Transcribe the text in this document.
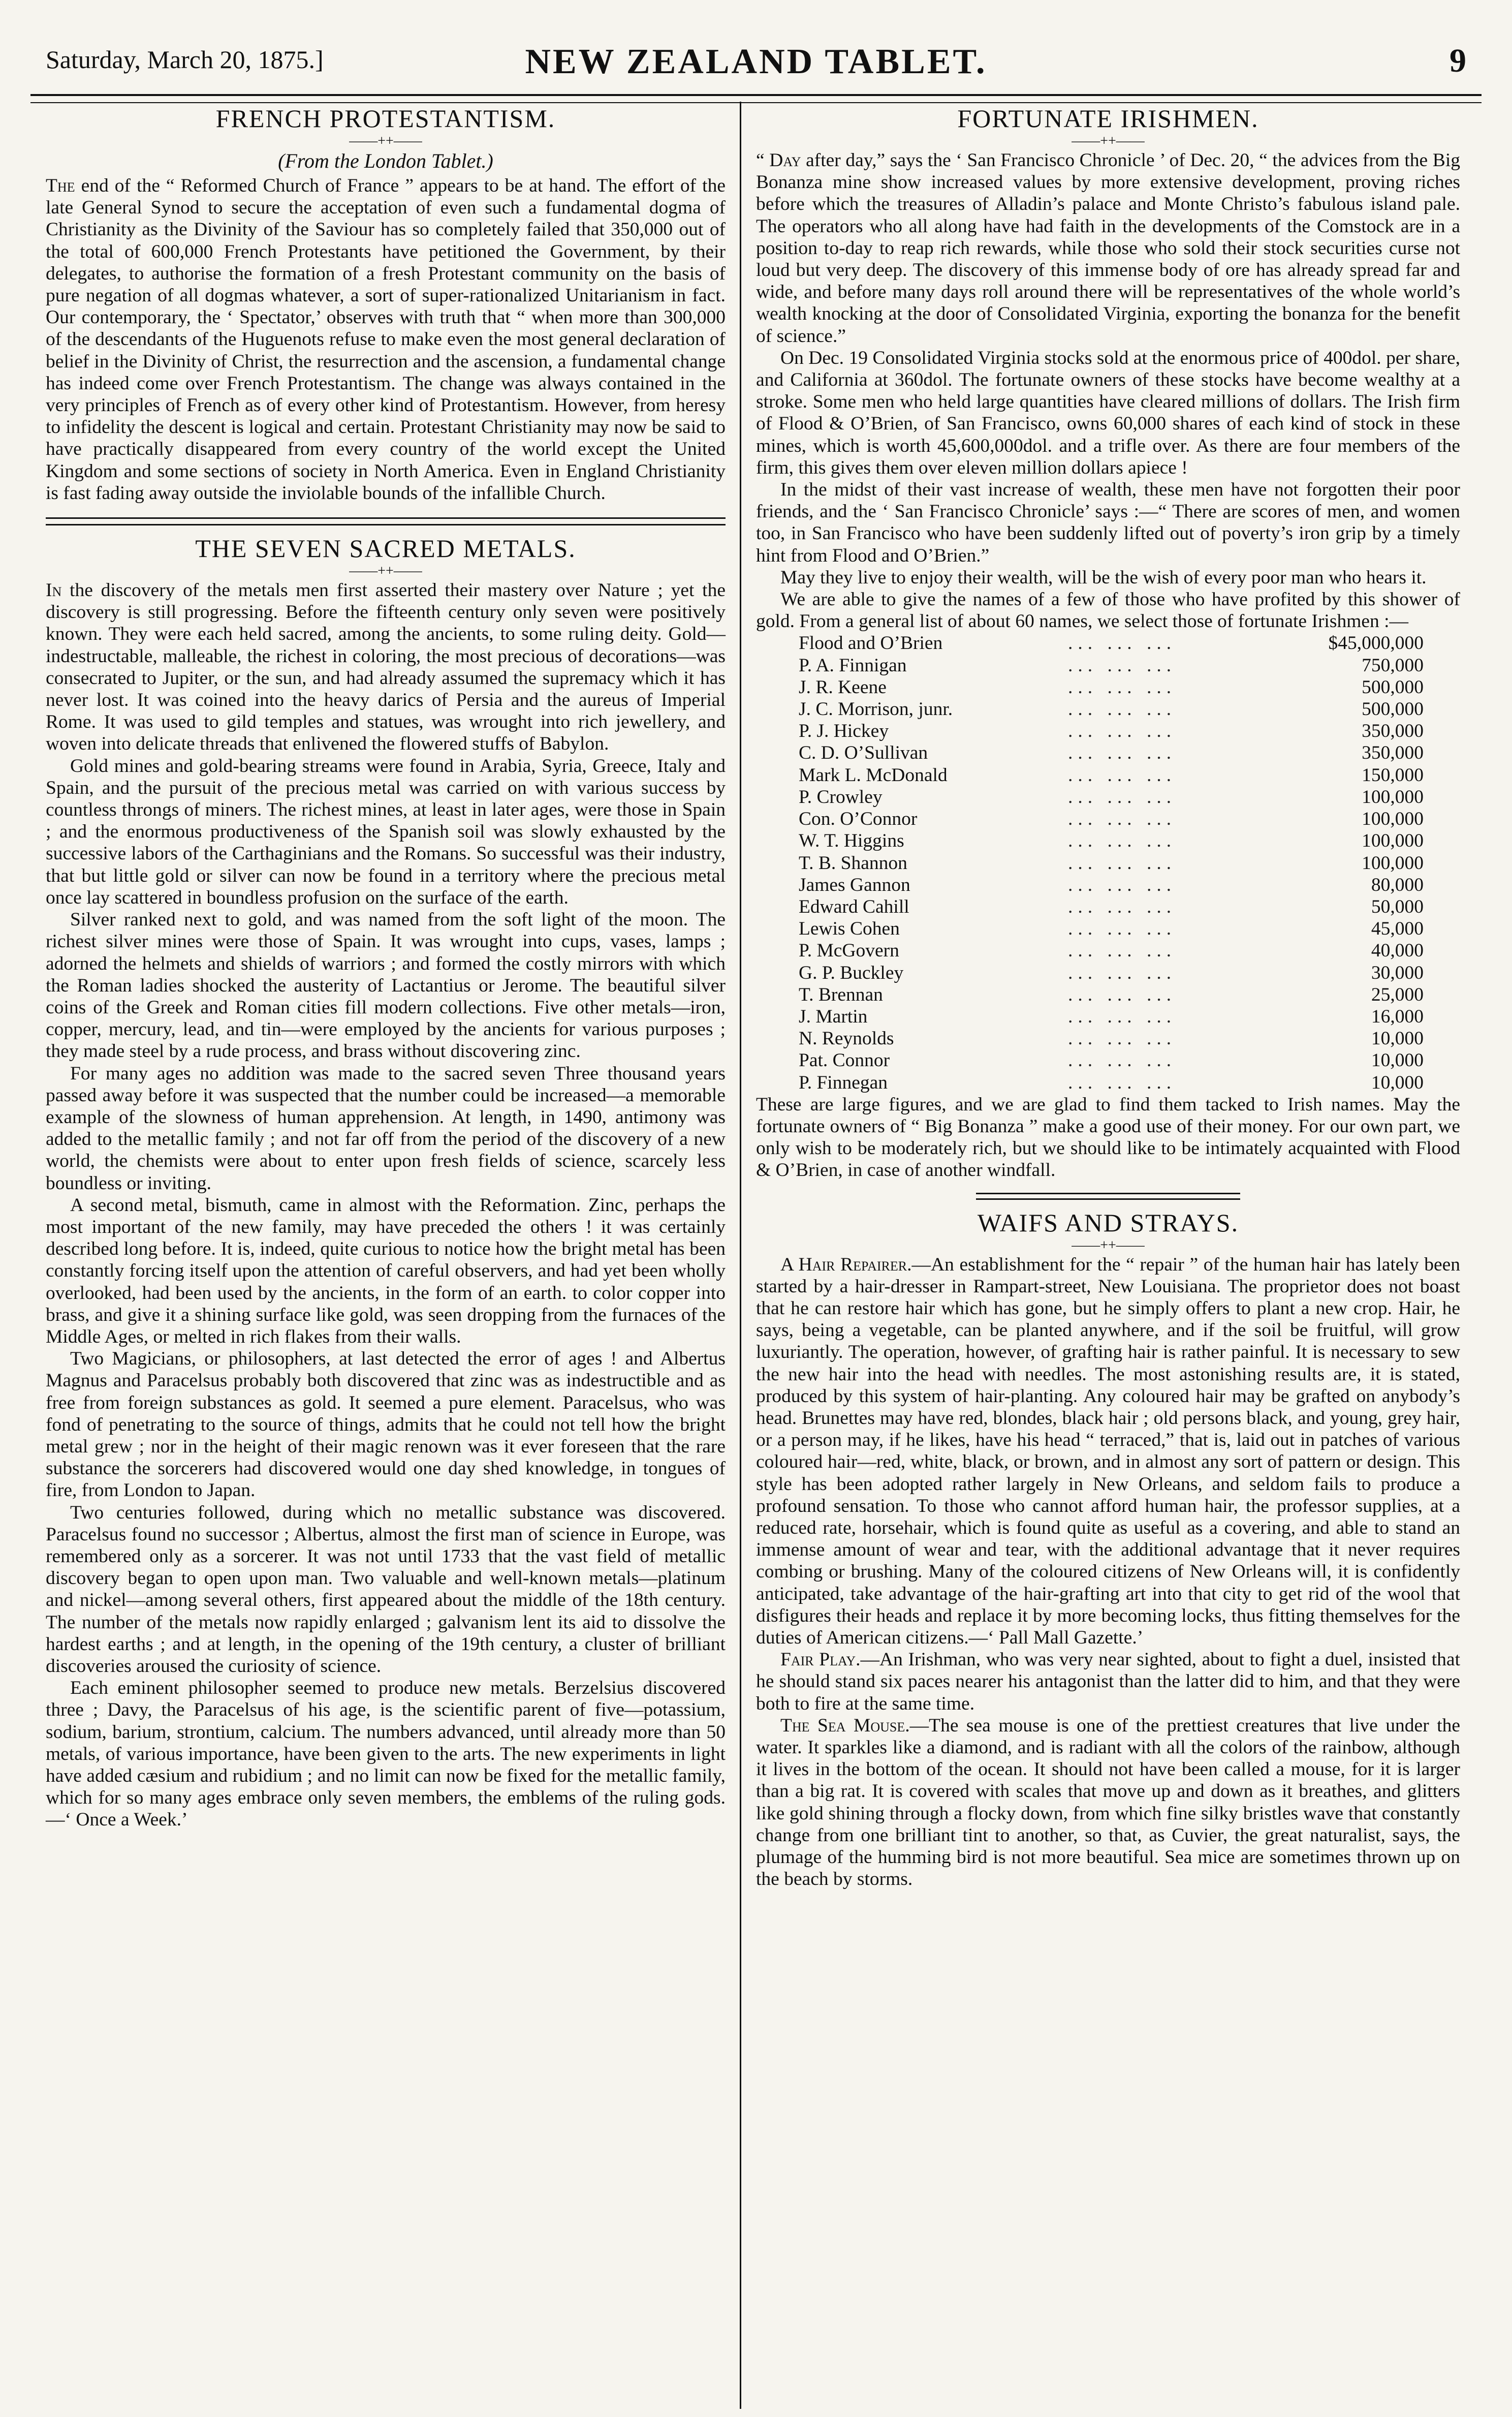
Saturday, March 20, 1875.]	NEW ZEALAND TABLET.	9
FRENCH PROTESTANTISM.
——++——
(From the London Tablet.)

The end of the “ Reformed Church of France ” appears to be at hand. The effort of the late General Synod to secure the acceptation of even such a fundamental dogma of Christianity as the Divinity of the Saviour has so completely failed that 350,000 out of the total of 600,000 French Protestants have petitioned the Government, by their delegates, to authorise the formation of a fresh Protestant community on the basis of pure negation of all dogmas whatever, a sort of super-rationalized Unitarianism in fact. Our contemporary, the ‘ Spectator,’ observes with truth that “ when more than 300,000 of the descendants of the Huguenots refuse to make even the most general declaration of belief in the Divinity of Christ, the resurrection and the ascension, a fundamental change has indeed come over French Protestantism. The change was always contained in the very principles of French as of every other kind of Protestantism. However, from heresy to infidelity the descent is logical and certain. Protestant Christianity may now be said to have practically disappeared from every country of the world except the United Kingdom and some sections of society in North America. Even in England Christianity is fast fading away outside the inviolable bounds of the infallible Church.

THE SEVEN SACRED METALS.
——++——

In the discovery of the metals men first asserted their mastery over Nature ; yet the discovery is still progressing. Before the fifteenth century only seven were positively known. They were each held sacred, among the ancients, to some ruling deity. Gold—indestructable, malleable, the richest in coloring, the most precious of decorations—was consecrated to Jupiter, or the sun, and had already assumed the supremacy which it has never lost. It was coined into the heavy darics of Persia and the aureus of Imperial Rome. It was used to gild temples and statues, was wrought into rich jewellery, and woven into delicate threads that enlivened the flowered stuffs of Babylon.

Gold mines and gold-bearing streams were found in Arabia, Syria, Greece, Italy and Spain, and the pursuit of the precious metal was carried on with various success by countless throngs of miners. The richest mines, at least in later ages, were those in Spain ; and the enormous productiveness of the Spanish soil was slowly exhausted by the successive labors of the Carthaginians and the Romans. So successful was their industry, that but little gold or silver can now be found in a territory where the precious metal once lay scattered in boundless profusion on the surface of the earth.

Silver ranked next to gold, and was named from the soft light of the moon. The richest silver mines were those of Spain. It was wrought into cups, vases, lamps ; adorned the helmets and shields of warriors ; and formed the costly mirrors with which the Roman ladies shocked the austerity of Lactantius or Jerome. The beautiful silver coins of the Greek and Roman cities fill modern collections. Five other metals—iron, copper, mercury, lead, and tin—were employed by the ancients for various purposes ; they made steel by a rude process, and brass without discovering zinc.

For many ages no addition was made to the sacred seven Three thousand years passed away before it was suspected that the number could be increased—a memorable example of the slowness of human apprehension. At length, in 1490, antimony was added to the metallic family ; and not far off from the period of the discovery of a new world, the chemists were about to enter upon fresh fields of science, scarcely less boundless or inviting.

A second metal, bismuth, came in almost with the Reformation. Zinc, perhaps the most important of the new family, may have preceded the others ! it was certainly described long before. It is, indeed, quite curious to notice how the bright metal has been constantly forcing itself upon the attention of careful observers, and had yet been wholly overlooked, had been used by the ancients, in the form of an earth. to color copper into brass, and give it a shining surface like gold, was seen dropping from the furnaces of the Middle Ages, or melted in rich flakes from their walls.

Two Magicians, or philosophers, at last detected the error of ages ! and Albertus Magnus and Paracelsus probably both discovered that zinc was as indestructible and as free from foreign substances as gold. It seemed a pure element. Paracelsus, who was fond of penetrating to the source of things, admits that he could not tell how the bright metal grew ; nor in the height of their magic renown was it ever foreseen that the rare substance the sorcerers had discovered would one day shed knowledge, in tongues of fire, from London to Japan.

Two centuries followed, during which no metallic substance was discovered. Paracelsus found no successor ; Albertus, almost the first man of science in Europe, was remembered only as a sorcerer. It was not until 1733 that the vast field of metallic discovery began to open upon man. Two valuable and well-known metals—platinum and nickel—among several others, first appeared about the middle of the 18th century. The number of the metals now rapidly enlarged ; galvanism lent its aid to dissolve the hardest earths ; and at length, in the opening of the 19th century, a cluster of brilliant discoveries aroused the curiosity of science.

Each eminent philosopher seemed to produce new metals. Berzelsius discovered three ; Davy, the Paracelsus of his age, is the scientific parent of five—potassium, sodium, barium, strontium, calcium. The numbers advanced, until already more than 50 metals, of various importance, have been given to the arts. The new experiments in light have added cæsium and rubidium ; and no limit can now be fixed for the metallic family, which for so many ages embrace only seven members, the emblems of the ruling gods.—‘ Once a Week.’

FORTUNATE IRISHMEN.
——++——

“ Day after day,” says the ‘ San Francisco Chronicle ’ of Dec. 20, “ the advices from the Big Bonanza mine show increased values by more extensive development, proving riches before which the treasures of Alladin’s palace and Monte Christo’s fabulous island pale. The operators who all along have had faith in the developments of the Comstock are in a position to-day to reap rich rewards, while those who sold their stock securities curse not loud but very deep. The discovery of this immense body of ore has already spread far and wide, and before many days roll around there will be representatives of the whole world’s wealth knocking at the door of Consolidated Virginia, exporting the bonanza for the benefit of science.”

On Dec. 19 Consolidated Virginia stocks sold at the enormous price of 400dol. per share, and California at 360dol. The fortunate owners of these stocks have become wealthy at a stroke. Some men who held large quantities have cleared millions of dollars. The Irish firm of Flood & O’Brien, of San Francisco, owns 60,000 shares of each kind of stock in these mines, which is worth 45,600,000dol. and a trifle over. As there are four members of the firm, this gives them over eleven million dollars apiece !

In the midst of their vast increase of wealth, these men have not forgotten their poor friends, and the ‘ San Francisco Chronicle’ says :—“ There are scores of men, and women too, in San Francisco who have been suddenly lifted out of poverty’s iron grip by a timely hint from Flood and O’Brien.”

May they live to enjoy their wealth, will be the wish of every poor man who hears it.

We are able to give the names of a few of those who have profited by this shower of gold. From a general list of about 60 names, we select those of fortunate Irishmen :—

Flood and O’Brien	... ... ...	$45,000,000
P. A. Finnigan	... ... ...	750,000
J. R. Keene	... ... ...	500,000
J. C. Morrison, junr.	... ... ...	500,000
P. J. Hickey	... ... ...	350,000
C. D. O’Sullivan	... ... ...	350,000
Mark L. McDonald	... ... ...	150,000
P. Crowley	... ... ...	100,000
Con. O’Connor	... ... ...	100,000
W. T. Higgins	... ... ...	100,000
T. B. Shannon	... ... ...	100,000
James Gannon	... ... ...	80,000
Edward Cahill	... ... ...	50,000
Lewis Cohen	... ... ...	45,000
P. McGovern	... ... ...	40,000
G. P. Buckley	... ... ...	30,000
T. Brennan	... ... ...	25,000
J. Martin	... ... ...	16,000
N. Reynolds	... ... ...	10,000
Pat. Connor	... ... ...	10,000
P. Finnegan	... ... ...	10,000

These are large figures, and we are glad to find them tacked to Irish names. May the fortunate owners of “ Big Bonanza ” make a good use of their money. For our own part, we only wish to be moderately rich, but we should like to be intimately acquainted with Flood & O’Brien, in case of another windfall.

WAIFS AND STRAYS.
——++——

A Hair Repairer.—An establishment for the “ repair ” of the human hair has lately been started by a hair-dresser in Rampart-street, New Louisiana. The proprietor does not boast that he can restore hair which has gone, but he simply offers to plant a new crop. Hair, he says, being a vegetable, can be planted anywhere, and if the soil be fruitful, will grow luxuriantly. The operation, however, of grafting hair is rather painful. It is necessary to sew the new hair into the head with needles. The most astonishing results are, it is stated, produced by this system of hair-planting. Any coloured hair may be grafted on anybody’s head. Brunettes may have red, blondes, black hair ; old persons black, and young, grey hair, or a person may, if he likes, have his head “ terraced,” that is, laid out in patches of various coloured hair—red, white, black, or brown, and in almost any sort of pattern or design. This style has been adopted rather largely in New Orleans, and seldom fails to produce a profound sensation. To those who cannot afford human hair, the professor supplies, at a reduced rate, horsehair, which is found quite as useful as a covering, and able to stand an immense amount of wear and tear, with the additional advantage that it never requires combing or brushing. Many of the coloured citizens of New Orleans will, it is confidently anticipated, take advantage of the hair-grafting art into that city to get rid of the wool that disfigures their heads and replace it by more becoming locks, thus fitting themselves for the duties of American citizens.—‘ Pall Mall Gazette.’

Fair Play.—An Irishman, who was very near sighted, about to fight a duel, insisted that he should stand six paces nearer his antagonist than the latter did to him, and that they were both to fire at the same time.

The Sea Mouse.—The sea mouse is one of the prettiest creatures that live under the water. It sparkles like a diamond, and is radiant with all the colors of the rainbow, although it lives in the bottom of the ocean. It should not have been called a mouse, for it is larger than a big rat. It is covered with scales that move up and down as it breathes, and glitters like gold shining through a flocky down, from which fine silky bristles wave that constantly change from one brilliant tint to another, so that, as Cuvier, the great naturalist, says, the plumage of the humming bird is not more beautiful. Sea mice are sometimes thrown up on the beach by storms.
